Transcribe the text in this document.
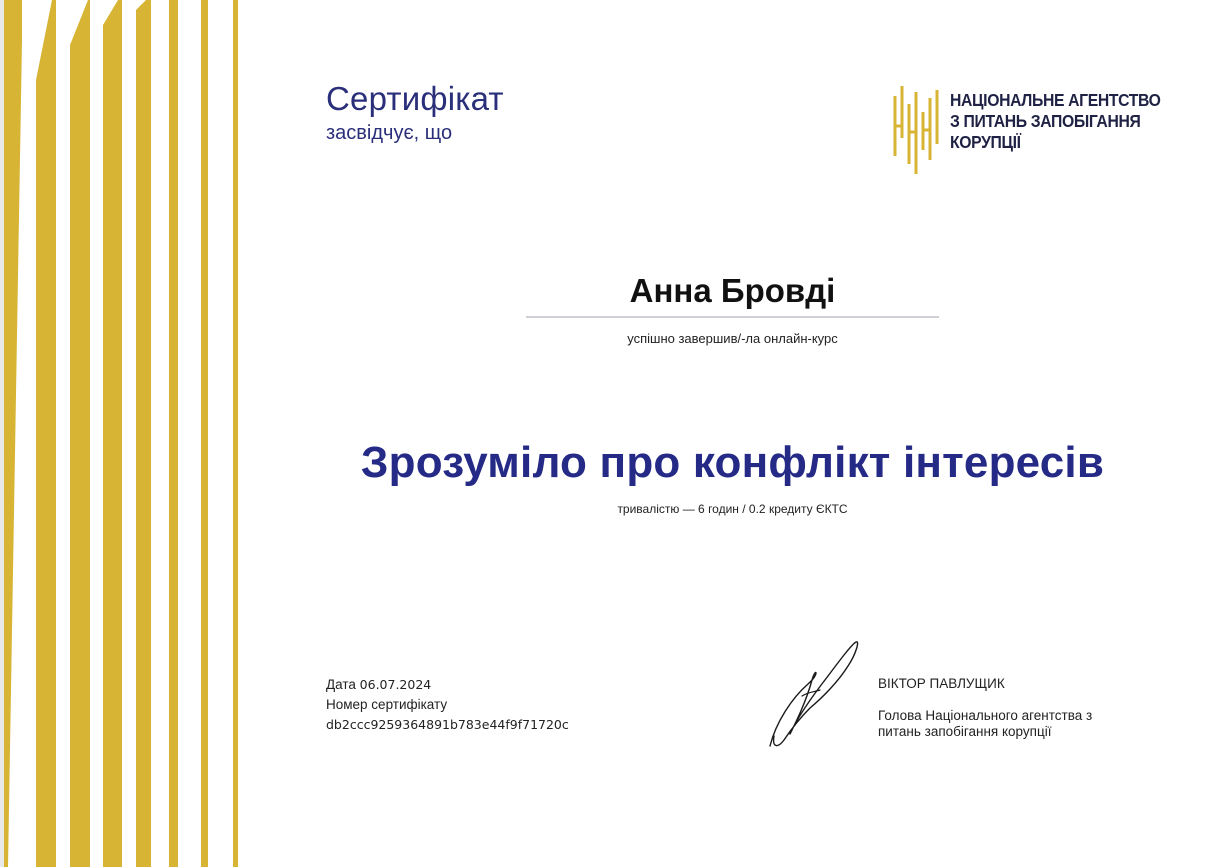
Сертифікат
засвідчує, що
НАЦІОНАЛЬНЕ АГЕНТСТВО
З ПИТАНЬ ЗАПОБІГАННЯ
КОРУПЦІЇ
Анна Бровді
успішно завершив/-ла онлайн-курс
Зрозуміло про конфлікт інтересів
тривалістю — 6 годин / 0.2 кредиту ЄКТС
Дата 06.07.2024
Номер сертифікату
db2ccc9259364891b783e44f9f71720c
ВІКТОР ПАВЛУЩИК
Голова Національного агентства з питань запобігання корупції
